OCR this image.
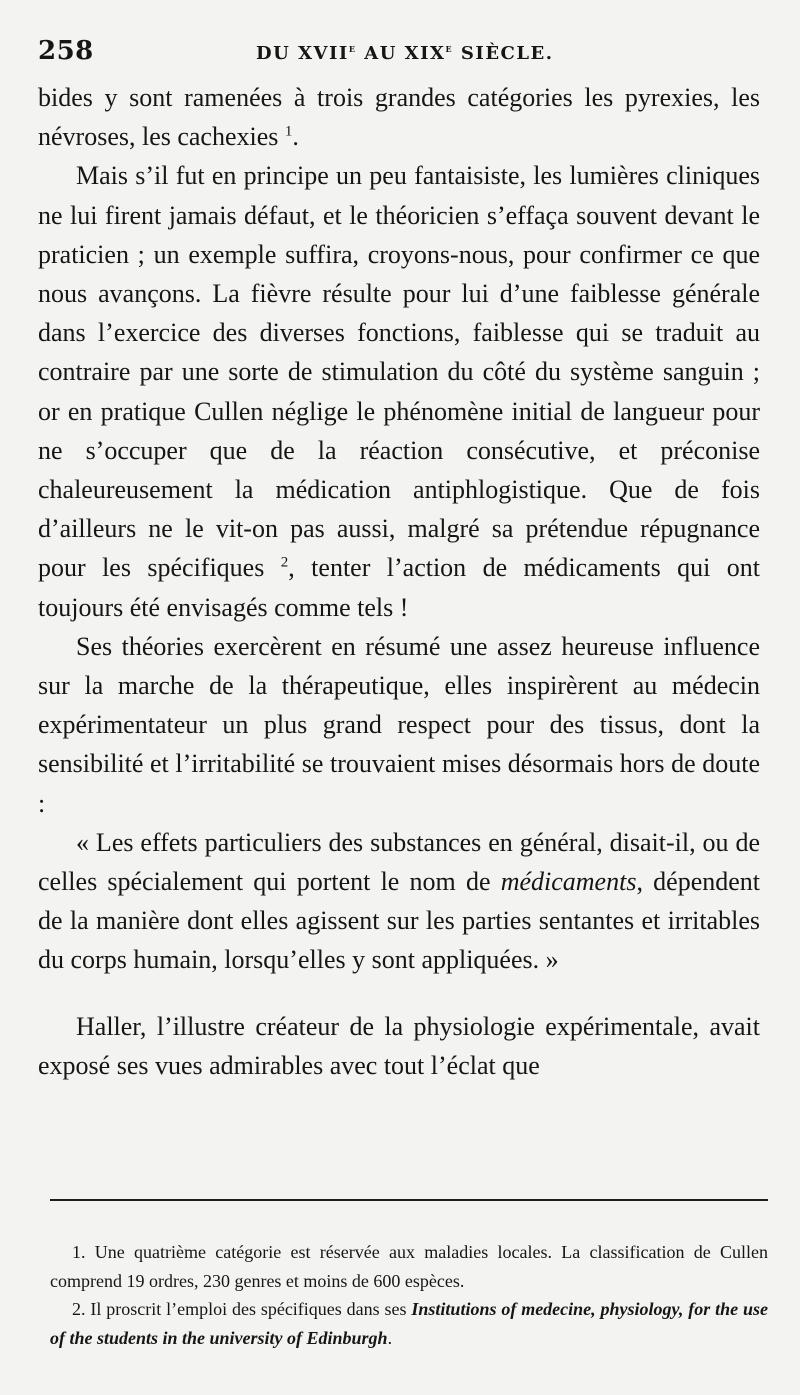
258	DU XVIIe AU XIXe SIÈCLE.

bides y sont ramenées à trois grandes catégories les pyrexies, les névroses, les cachexies $^1$.

Mais s’il fut en principe un peu fantaisiste, les lumières cliniques ne lui firent jamais défaut, et le théoricien s’effaça souvent devant le praticien ; un exemple suffira, croyons-nous, pour confirmer ce que nous avançons. La fièvre résulte pour lui d’une faiblesse générale dans l’exercice des diverses fonctions, faiblesse qui se traduit au contraire par une sorte de stimulation du côté du système sanguin ; or en pratique Cullen néglige le phénomène initial de langueur pour ne s’occuper que de la réaction consécutive, et préconise chaleureusement la médication antiphlogistique. Que de fois d’ailleurs ne le vit-on pas aussi, malgré sa prétendue répugnance pour les spécifiques $^2$, tenter l’action de médicaments qui ont toujours été envisagés comme tels !

Ses théories exercèrent en résumé une assez heureuse influence sur la marche de la thérapeutique, elles inspirèrent au médecin expérimentateur un plus grand respect pour des tissus, dont la sensibilité et l’irritabilité se trouvaient mises désormais hors de doute :

« Les effets particuliers des substances en général, disait-il, ou de celles spécialement qui portent le nom de médicaments, dépendent de la manière dont elles agissent sur les parties sentantes et irritables du corps humain, lorsqu’elles y sont appliquées. »

Haller, l’illustre créateur de la physiologie expérimentale, avait exposé ses vues admirables avec tout l’éclat que

1. Une quatrième catégorie est réservée aux maladies locales. La classification de Cullen comprend 19 ordres, 230 genres et moins de 600 espèces.

2. Il proscrit l’emploi des spécifiques dans ses Institutions of medecine, physiology, for the use of the students in the university of Edinburgh.
